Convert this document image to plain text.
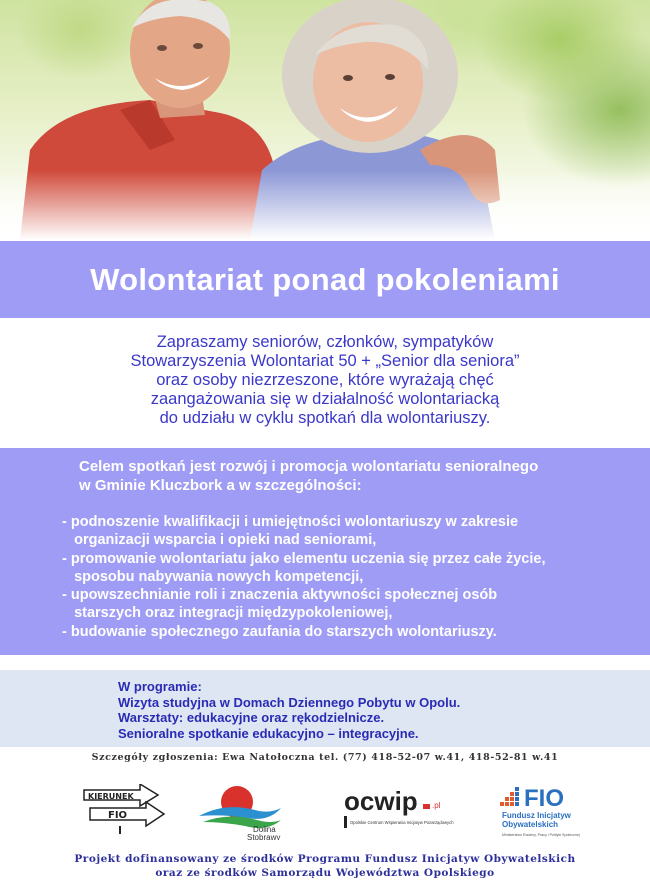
Wolontariat ponad pokoleniami
Zapraszamy seniorów, członków, sympatyków
Stowarzyszenia Wolontariat 50 + „Senior dla seniora”
oraz osoby niezrzeszone, które wyrażają chęć
zaangażowania się w działalność wolontariacką
do udziału w cyklu spotkań dla wolontariuszy.
Celem spotkań jest rozwój i promocja wolontariatu senioralnego
w Gminie Kluczbork a w szczególności:
- podnoszenie kwalifikacji i umiejętności wolontariuszy w zakresie
organizacji wsparcia i opieki nad seniorami,
- promowanie wolontariatu jako elementu uczenia się przez całe życie,
sposobu nabywania nowych kompetencji,
- upowszechnianie roli i znaczenia aktywności społecznej osób
starszych oraz integracji międzypokoleniowej,
- budowanie społecznego zaufania do starszych wolontariuszy.
W programie:
Wizyta studyjna w Domach Dziennego Pobytu w Opolu.
Warsztaty: edukacyjne oraz rękodzielnicze.
Senioralne spotkanie edukacyjno – integracyjne.
Szczegóły zgłoszenia: Ewa Natołoczna tel. (77) 418-52-07 w.41, 418-52-81 w.41
KIERUNEK
FIO
Dolina
Stobrawy
ocwip .pl
Opolskie Centrum Wspierania Inicjatyw Pozarządowych
FIO
Fundusz Inicjatyw
Obywatelskich
Ministerstwo Rodziny, Pracy i Polityki Społecznej
Projekt dofinansowany ze środków Programu Fundusz Inicjatyw Obywatelskich
oraz ze środków Samorządu Województwa Opolskiego
